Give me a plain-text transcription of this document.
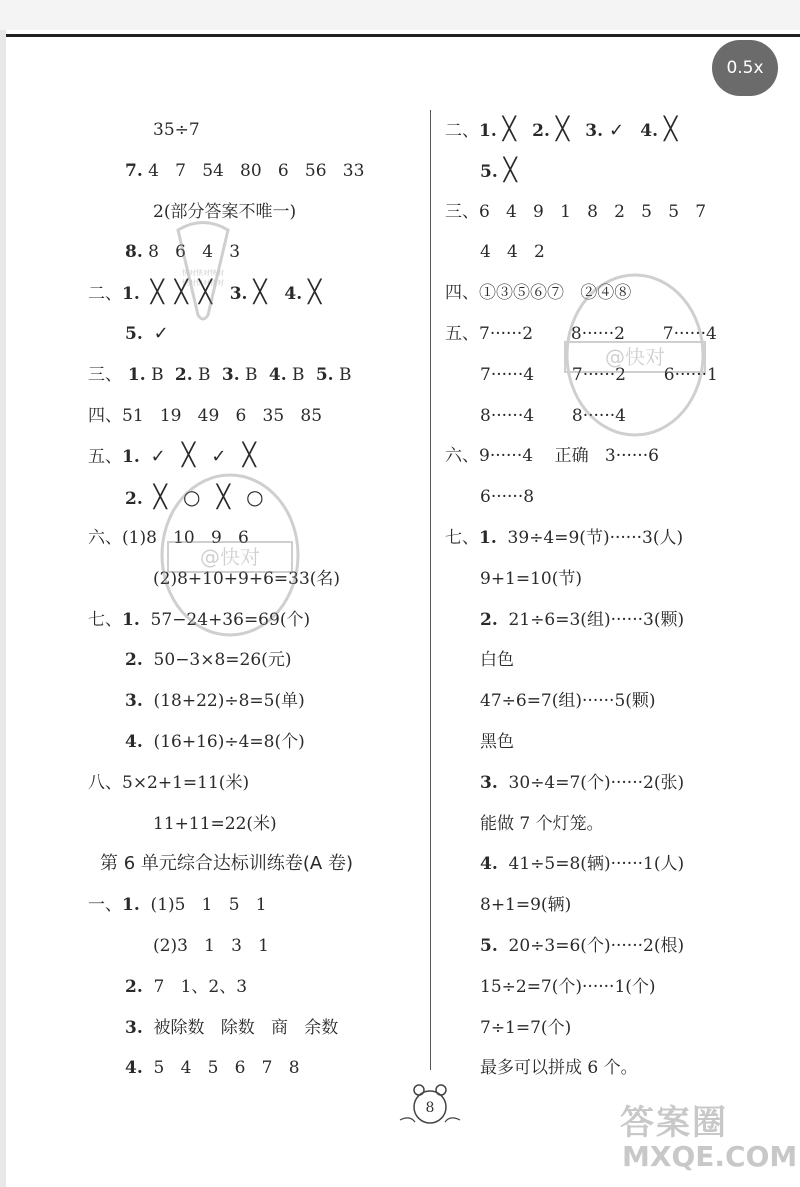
0.5x
35÷7
7. 4   7   54   80   6   56   33
2(部分答案不唯一)
8. 8   6   4   3
二、1. ╳ ╳ ╳   3. ╳   4. ╳
5. ✓
三、 1. B  2. B  3. B  4. B  5. B
四、51   19   49   6   35   85
五、1. ✓ ╳ ✓ ╳
2. ╳ ○ ╳ ○
六、(1)8   10   9   6
(2)8+10+9+6=33(名)
七、1.  57−24+36=69(个)
2.  50−3×8=26(元)
3.  (18+22)÷8=5(单)
4.  (16+16)÷4=8(个)
八、5×2+1=11(米)
11+11=22(米)
第 6 单元综合达标训练卷(A 卷)
一、1.  (1)5   1   5   1
(2)3   1   3   1
2.  7   1、2、3
3.  被除数   除数   商   余数
4.  5   4   5   6   7   8
二、1. ╳ 2. ╳ 3. ✓ 4. ╳
5. ╳
三、6   4   9   1   8   2   5   5   7
4   4   2
四、①③⑤⑥⑦   ②④⑧
五、7······2       8······2       7······4
7······4       7······2       6······1
8······4       8······4
六、9······4    正确   3······6
6······8
七、1.  39÷4=9(节)······3(人)
9+1=10(节)
2.  21÷6=3(组)······3(颗)
白色
47÷6=7(组)······5(颗)
黑色
3.  30÷4=7(个)······2(张)
能做 7 个灯笼。
4.  41÷5=8(辆)······1(人)
8+1=9(辆)
5.  20÷3=6(个)······2(根)
15÷2=7(个)······1(个)
7÷1=7(个)
最多可以拼成 6 个。
@快对
@快对
快对快对快对
快对快对快对
8	答案圈
MXQE.COM
